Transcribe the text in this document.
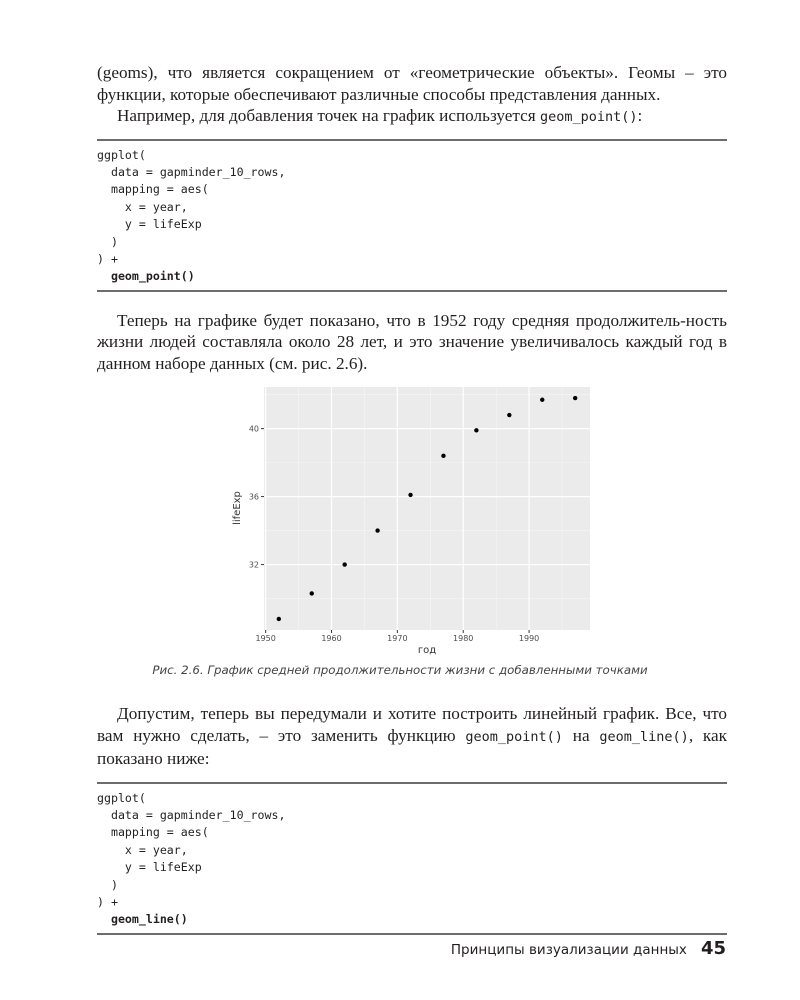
(geoms), что является сокращением от «геометрические объекты». Геомы – это

функции, которые обеспечивают различные способы представления данных.

Например, для добавления точек на график используется geom_point():

ggplot(
data = gapminder_10_rows,
mapping = aes(
x = year,
y = lifeExp
)
) +
geom_point()

Теперь на графике будет показано, что в 1952 году средняя продолжитель-ность жизни людей составляла около 28 лет, и это значение увеличивалось каждый год в данном наборе данных (см. рис. 2.6).

32
36
40
1950	1960	1970	1980	1990
год
lifeExp
Рис. 2.6. График средней продолжительности жизни с добавленными точками

Допустим, теперь вы передумали и хотите построить линейный график. Все, что вам нужно сделать, – это заменить функцию geom_point() на geom_line(), как показано ниже:

ggplot(
data = gapminder_10_rows,
mapping = aes(
x = year,
y = lifeExp
)
) +
geom_line()
Принципы визуализации данных 45
